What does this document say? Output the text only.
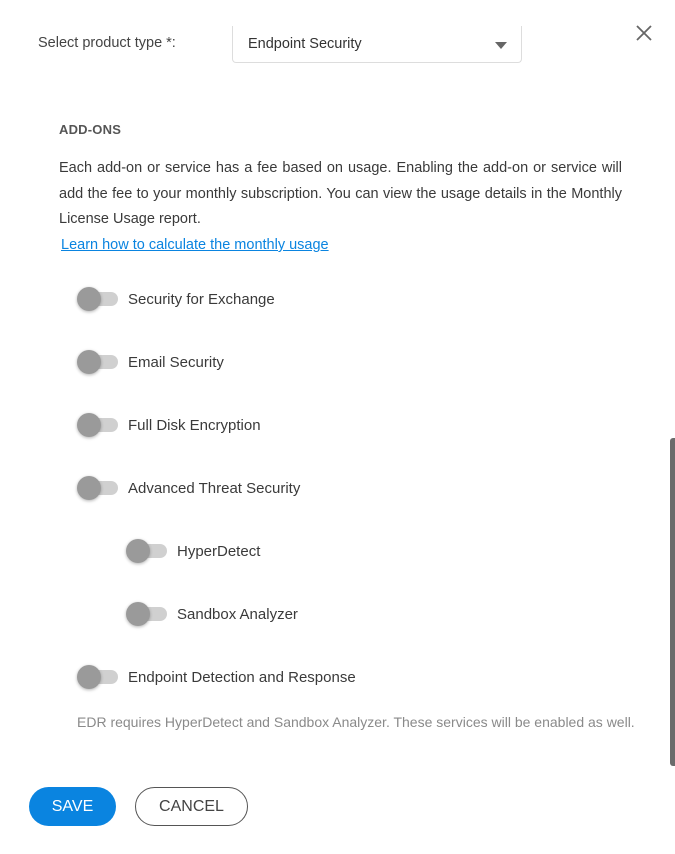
Select product type *:	Endpoint Security
ADD-ONS
Each add-on or service has a fee based on usage. Enabling the add-on or service will add the fee to your monthly subscription. You can view the usage details in the Monthly License Usage report.
Learn how to calculate the monthly usage
Security for Exchange
Email Security
Full Disk Encryption
Advanced Threat Security
HyperDetect
Sandbox Analyzer
Endpoint Detection and Response
EDR requires HyperDetect and Sandbox Analyzer. These services will be enabled as well.
SAVE	CANCEL
